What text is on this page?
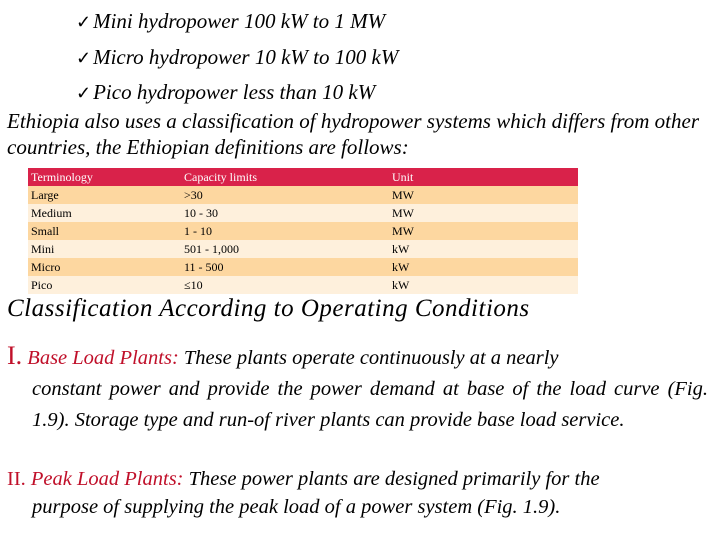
✓Mini hydropower 100 kW to 1 MW
✓Micro hydropower 10 kW to 100 kW
✓Pico hydropower less than 10 kW
Ethiopia also uses a classification of hydropower systems which differs from other countries, the Ethiopian definitions are follows:
Terminology	Capacity limits	Unit
Large	>30	MW
Medium	10 - 30	MW
Small	1 - 10	MW
Mini	501 - 1,000	kW
Micro	11 - 500	kW
Pico	≤10	kW
Classification According to Operating Conditions
I. Base Load Plants: These plants operate continuously at a nearly
constant power and provide the power demand at base of the load curve (Fig. 1.9). Storage type and run-of river plants can provide base load service.
II. Peak Load Plants: These power plants are designed primarily for the
purpose of supplying the peak load of a power system (Fig. 1.9).
